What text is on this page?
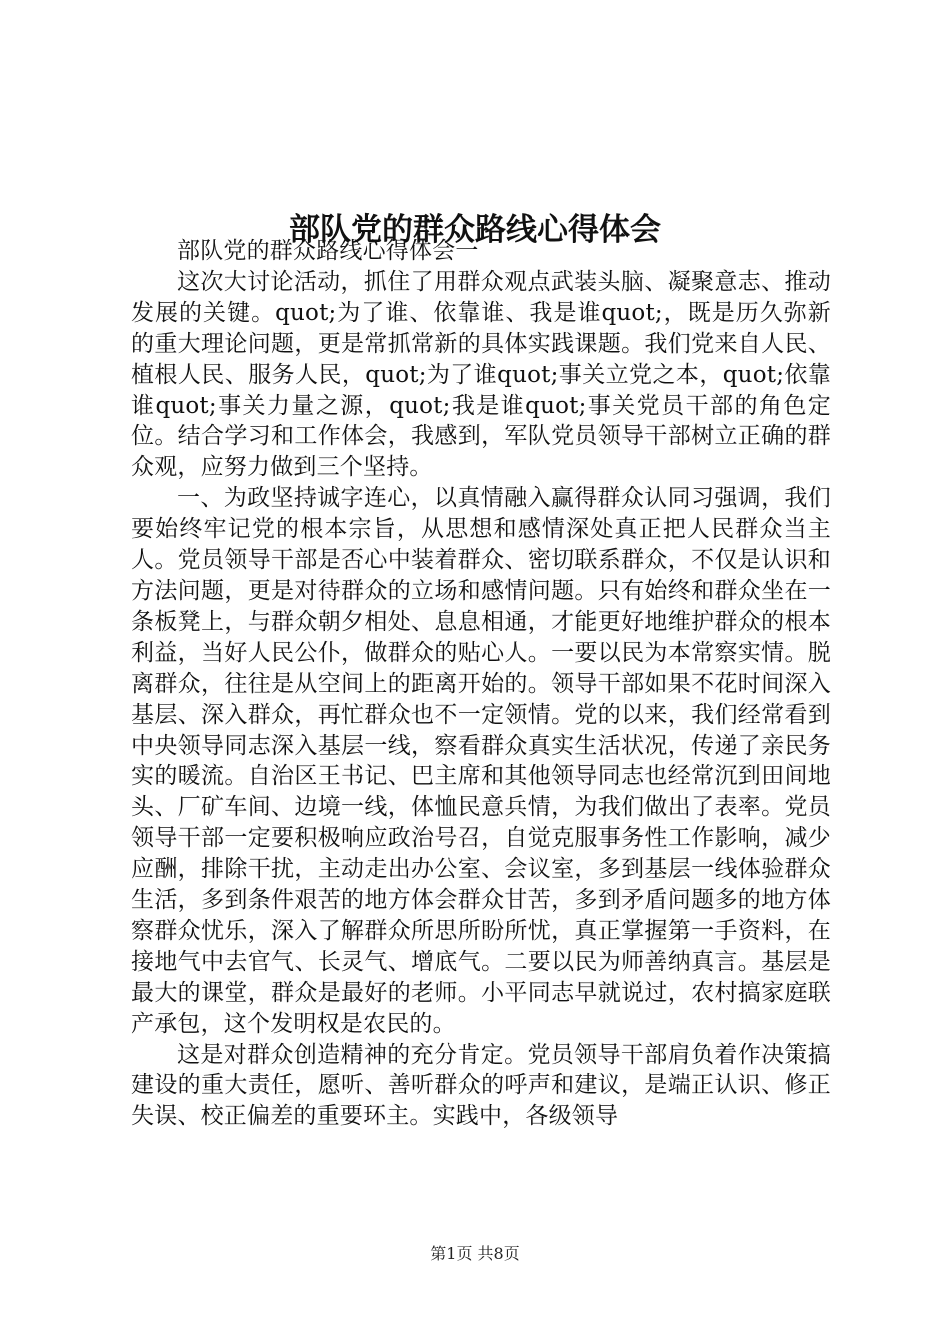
部队党的群众路线心得体会

部队党的群众路线心得体会一

这次大讨论活动，抓住了用群众观点武装头脑、凝聚意志、推动发展的关键。quot;为了谁、依靠谁、我是谁quot;，既是历久弥新的重大理论问题，更是常抓常新的具体实践课题。我们党来自人民、植根人民、服务人民，quot;为了谁quot;事关立党之本，quot;依靠谁quot;事关力量之源，quot;我是谁quot;事关党员干部的角色定位。结合学习和工作体会，我感到，军队党员领导干部树立正确的群众观，应努力做到三个坚持。

一、为政坚持诚字连心，以真情融入赢得群众认同习强调，我们要始终牢记党的根本宗旨，从思想和感情深处真正把人民群众当主人。党员领导干部是否心中装着群众、密切联系群众，不仅是认识和方法问题，更是对待群众的立场和感情问题。只有始终和群众坐在一条板凳上，与群众朝夕相处、息息相通，才能更好地维护群众的根本利益，当好人民公仆，做群众的贴心人。一要以民为本常察实情。脱离群众，往往是从空间上的距离开始的。领导干部如果不花时间深入基层、深入群众，再忙群众也不一定领情。党的以来，我们经常看到中央领导同志深入基层一线，察看群众真实生活状况，传递了亲民务实的暖流。自治区王书记、巴主席和其他领导同志也经常沉到田间地头、厂矿车间、边境一线，体恤民意兵情，为我们做出了表率。党员领导干部一定要积极响应政治号召，自觉克服事务性工作影响，减少应酬，排除干扰，主动走出办公室、会议室，多到基层一线体验群众生活，多到条件艰苦的地方体会群众甘苦，多到矛盾问题多的地方体察群众忧乐，深入了解群众所思所盼所忧，真正掌握第一手资料，在接地气中去官气、长灵气、增底气。二要以民为师善纳真言。基层是最大的课堂，群众是最好的老师。小平同志早就说过，农村搞家庭联产承包，这个发明权是农民的。

这是对群众创造精神的充分肯定。党员领导干部肩负着作决策搞建设的重大责任，愿听、善听群众的呼声和建议，是端正认识、修正失误、校正偏差的重要环主。实践中，各级领导

第1页 共8页
